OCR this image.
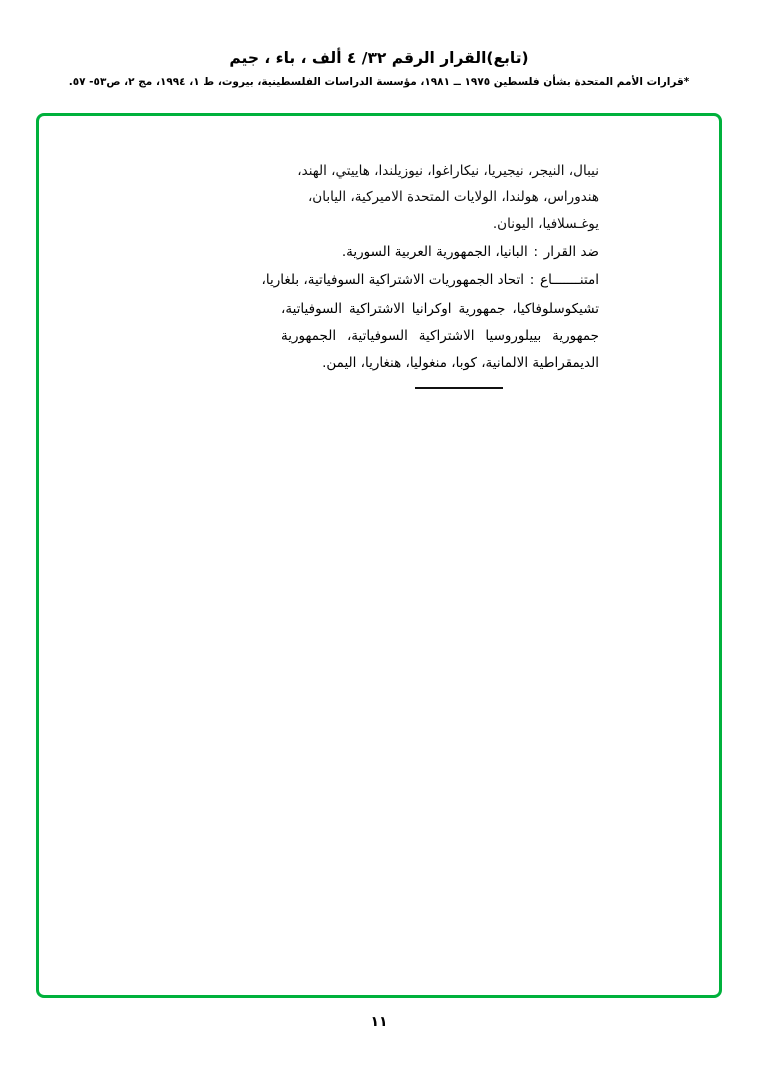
(تابع)القرار الرقم ٣٢/ ٤ ألف ، باء ، جيم
*قرارات الأمم المتحدة بشأن فلسطين ١٩٧٥ ــ ١٩٨١، مؤسسة الدراسات الفلسطينية، بيروت، ط ١، ١٩٩٤، مج ٢، ص٥٣- ٥٧.

نيبال، النيجر، نيجيريا، نيكاراغوا، نيوزيلندا، هاييتي، الهند، هندوراس، هولندا، الولايات المتحدة الاميركية، اليابان، يوغـسلافيا، اليونان.

ضد القرار
:
البانيا، الجمهورية العربية السورية.
امتنـــــــاع
:
اتحاد الجمهوريات الاشتراكية السوفياتية، بلغاريا،
تشيكوسلوفاكيا، جمهورية اوكرانيا الاشتراكية السوفياتية، جمهورية بييلوروسيا الاشتراكية السوفياتية، الجمهورية الديمقراطية الالمانية، كوبا، منغوليا، هنغاريا، اليمن.
١١
